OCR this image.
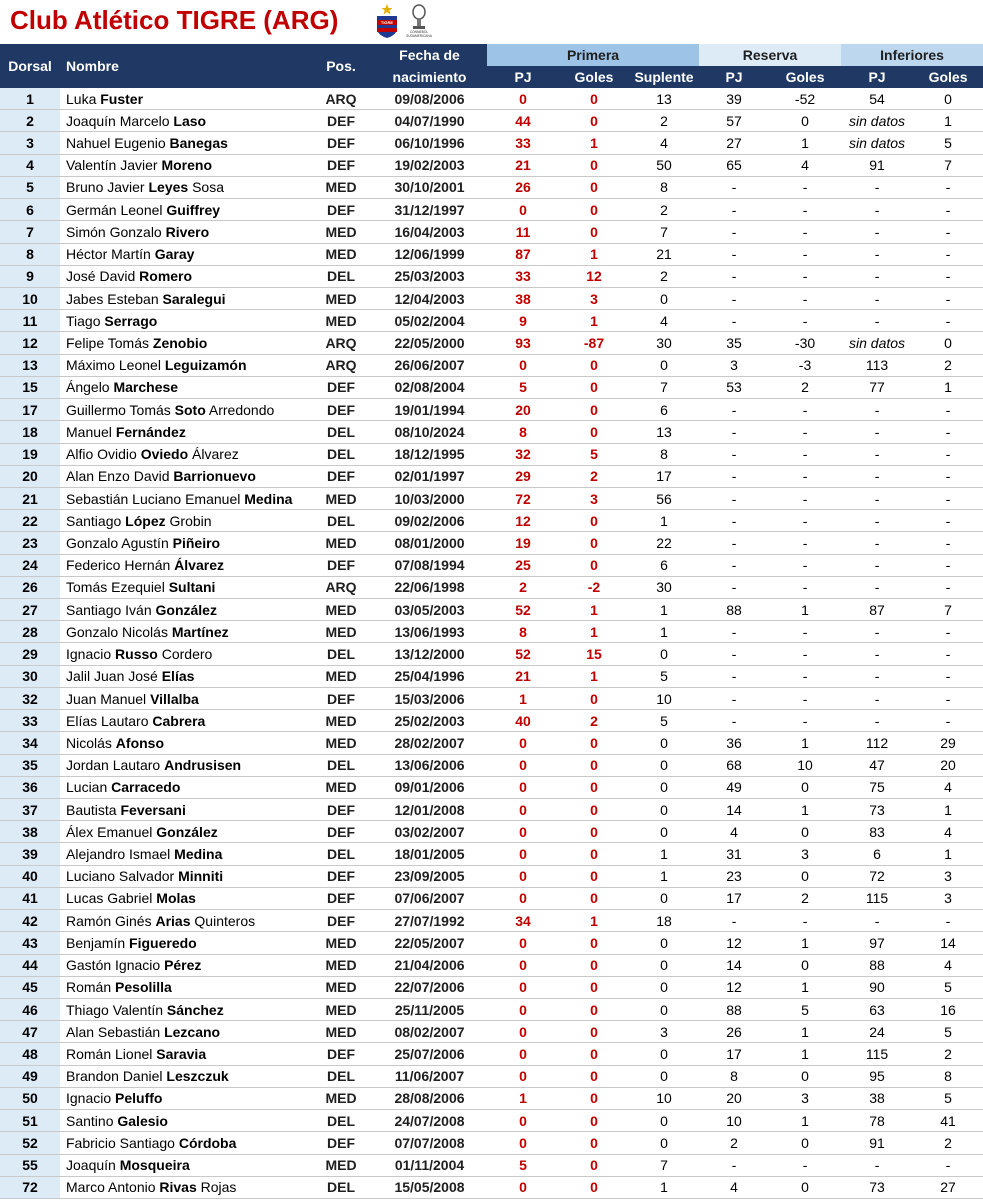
Club Atlético TIGRE (ARG)	TIGRE
CONMEBOL
SUDAMERICANA
Dorsal	Nombre	Pos.	Fecha de
nacimiento	Primera			Reserva		Inferiores	
				PJ	Goles	Suplente	PJ	Goles	PJ	Goles
1	Luka Fuster	ARQ	09/08/2006	0	0	13	39	-52	54	0
2	Joaquín Marcelo Laso	DEF	04/07/1990	44	0	2	57	0	sin datos	1
3	Nahuel Eugenio Banegas	DEF	06/10/1996	33	1	4	27	1	sin datos	5
4	Valentín Javier Moreno	DEF	19/02/2003	21	0	50	65	4	91	7
5	Bruno Javier Leyes Sosa	MED	30/10/2001	26	0	8	-	-	-	-
6	Germán Leonel Guiffrey	DEF	31/12/1997	0	0	2	-	-	-	-
7	Simón Gonzalo Rivero	MED	16/04/2003	11	0	7	-	-	-	-
8	Héctor Martín Garay	MED	12/06/1999	87	1	21	-	-	-	-
9	José David Romero	DEL	25/03/2003	33	12	2	-	-	-	-
10	Jabes Esteban Saralegui	MED	12/04/2003	38	3	0	-	-	-	-
11	Tiago Serrago	MED	05/02/2004	9	1	4	-	-	-	-
12	Felipe Tomás Zenobio	ARQ	22/05/2000	93	-87	30	35	-30	sin datos	0
13	Máximo Leonel Leguizamón	ARQ	26/06/2007	0	0	0	3	-3	113	2
15	Ángelo Marchese	DEF	02/08/2004	5	0	7	53	2	77	1
17	Guillermo Tomás Soto Arredondo	DEF	19/01/1994	20	0	6	-	-	-	-
18	Manuel Fernández	DEL	08/10/2024	8	0	13	-	-	-	-
19	Alfio Ovidio Oviedo Álvarez	DEL	18/12/1995	32	5	8	-	-	-	-
20	Alan Enzo David Barrionuevo	DEF	02/01/1997	29	2	17	-	-	-	-
21	Sebastián Luciano Emanuel Medina	MED	10/03/2000	72	3	56	-	-	-	-
22	Santiago López Grobin	DEL	09/02/2006	12	0	1	-	-	-	-
23	Gonzalo Agustín Piñeiro	MED	08/01/2000	19	0	22	-	-	-	-
24	Federico Hernán Álvarez	DEF	07/08/1994	25	0	6	-	-	-	-
26	Tomás Ezequiel Sultani	ARQ	22/06/1998	2	-2	30	-	-	-	-
27	Santiago Iván González	MED	03/05/2003	52	1	1	88	1	87	7
28	Gonzalo Nicolás Martínez	MED	13/06/1993	8	1	1	-	-	-	-
29	Ignacio Russo Cordero	DEL	13/12/2000	52	15	0	-	-	-	-
30	Jalil Juan José Elías	MED	25/04/1996	21	1	5	-	-	-	-
32	Juan Manuel Villalba	DEF	15/03/2006	1	0	10	-	-	-	-
33	Elías Lautaro Cabrera	MED	25/02/2003	40	2	5	-	-	-	-
34	Nicolás Afonso	MED	28/02/2007	0	0	0	36	1	112	29
35	Jordan Lautaro Andrusisen	DEL	13/06/2006	0	0	0	68	10	47	20
36	Lucian Carracedo	MED	09/01/2006	0	0	0	49	0	75	4
37	Bautista Feversani	DEF	12/01/2008	0	0	0	14	1	73	1
38	Álex Emanuel González	DEF	03/02/2007	0	0	0	4	0	83	4
39	Alejandro Ismael Medina	DEL	18/01/2005	0	0	1	31	3	6	1
40	Luciano Salvador Minniti	DEF	23/09/2005	0	0	1	23	0	72	3
41	Lucas Gabriel Molas	DEF	07/06/2007	0	0	0	17	2	115	3
42	Ramón Ginés Arias Quinteros	DEF	27/07/1992	34	1	18	-	-	-	-
43	Benjamín Figueredo	MED	22/05/2007	0	0	0	12	1	97	14
44	Gastón Ignacio Pérez	MED	21/04/2006	0	0	0	14	0	88	4
45	Román Pesolilla	MED	22/07/2006	0	0	0	12	1	90	5
46	Thiago Valentín Sánchez	MED	25/11/2005	0	0	0	88	5	63	16
47	Alan Sebastián Lezcano	MED	08/02/2007	0	0	3	26	1	24	5
48	Román Lionel Saravia	DEF	25/07/2006	0	0	0	17	1	115	2
49	Brandon Daniel Leszczuk	DEL	11/06/2007	0	0	0	8	0	95	8
50	Ignacio Peluffo	MED	28/08/2006	1	0	10	20	3	38	5
51	Santino Galesio	DEL	24/07/2008	0	0	0	10	1	78	41
52	Fabricio Santiago Córdoba	DEF	07/07/2008	0	0	0	2	0	91	2
55	Joaquín Mosqueira	MED	01/11/2004	5	0	7	-	-	-	-
72	Marco Antonio Rivas Rojas	DEL	15/05/2008	0	0	1	4	0	73	27
